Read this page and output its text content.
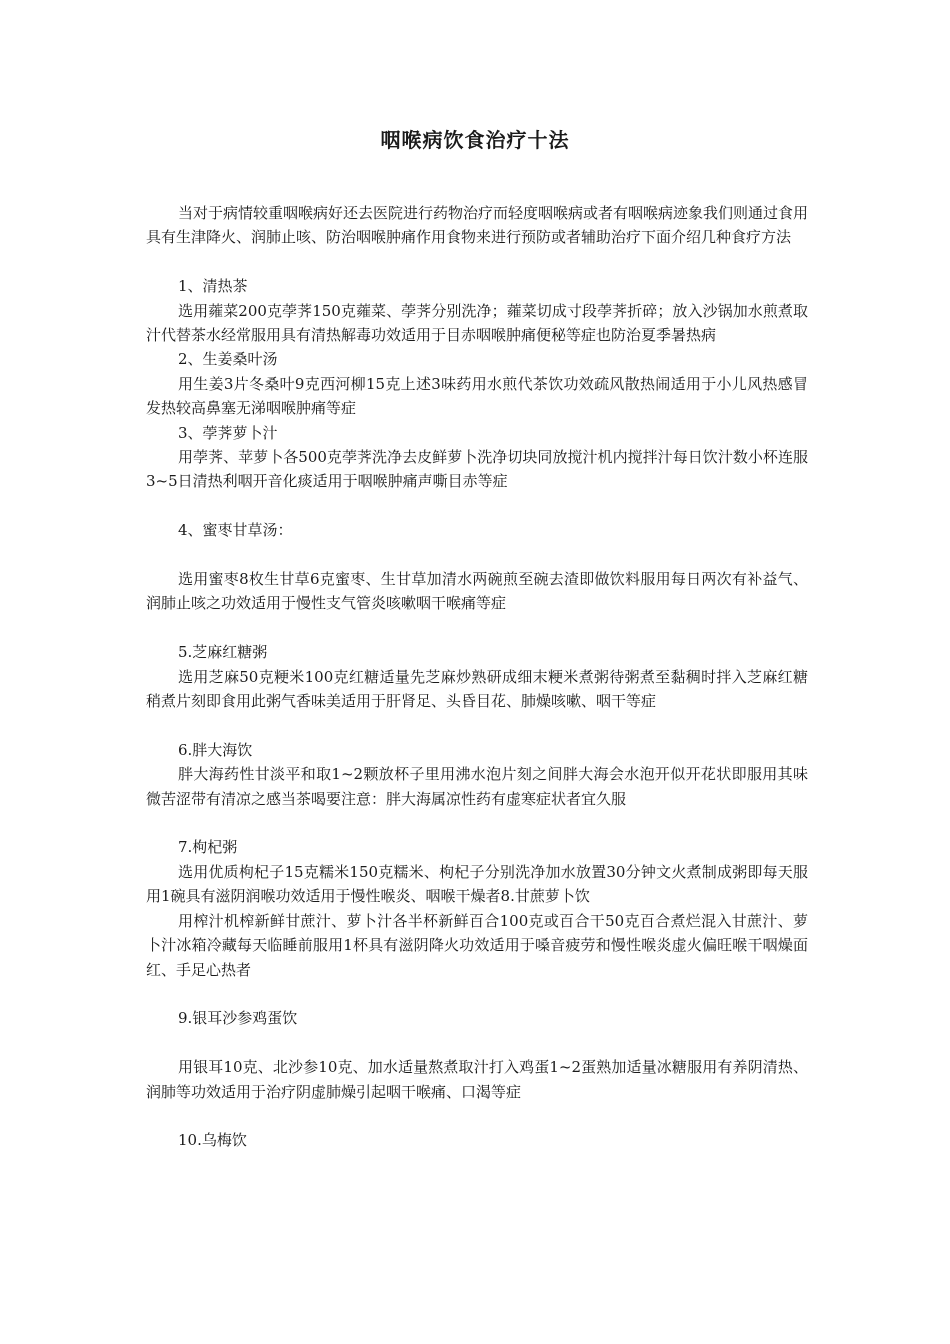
咽喉病饮食治疗十法

当对于病情较重咽喉病好还去医院进行药物治疗而轻度咽喉病或者有咽喉病迹象我们则通过食用具有生津降火、润肺止咳、防治咽喉肿痛作用食物来进行预防或者辅助治疗下面介绍几种食疗方法

1、清热茶

选用蕹菜200克荸荠150克蕹菜、荸荠分别洗净；蕹菜切成寸段荸荠折碎；放入沙锅加水煎煮取汁代替茶水经常服用具有清热解毒功效适用于目赤咽喉肿痛便秘等症也防治夏季暑热病

2、生姜桑叶汤

用生姜3片冬桑叶9克西河柳15克上述3味药用水煎代茶饮功效疏风散热闹适用于小儿风热感冒发热较高鼻塞无涕咽喉肿痛等症

3、荸荠萝卜汁

用荸荠、苹萝卜各500克荸荠洗净去皮鲜萝卜洗净切块同放搅汁机内搅拌汁每日饮汁数小杯连服3~5日清热利咽开音化痰适用于咽喉肿痛声嘶目赤等症

4、蜜枣甘草汤：

选用蜜枣8枚生甘草6克蜜枣、生甘草加清水两碗煎至碗去渣即做饮料服用每日两次有补益气、润肺止咳之功效适用于慢性支气管炎咳嗽咽干喉痛等症

5.芝麻红糖粥

选用芝麻50克粳米100克红糖适量先芝麻炒熟研成细末粳米煮粥待粥煮至黏稠时拌入芝麻红糖稍煮片刻即食用此粥气香味美适用于肝肾足、头昏目花、肺燥咳嗽、咽干等症

6.胖大海饮

胖大海药性甘淡平和取1~2颗放杯子里用沸水泡片刻之间胖大海会水泡开似开花状即服用其味微苦涩带有清凉之感当茶喝要注意：胖大海属凉性药有虚寒症状者宜久服

7.枸杞粥

选用优质枸杞子15克糯米150克糯米、枸杞子分别洗净加水放置30分钟文火煮制成粥即每天服用1碗具有滋阴润喉功效适用于慢性喉炎、咽喉干燥者8.甘蔗萝卜饮

用榨汁机榨新鲜甘蔗汁、萝卜汁各半杯新鲜百合100克或百合干50克百合煮烂混入甘蔗汁、萝卜汁冰箱冷藏每天临睡前服用1杯具有滋阴降火功效适用于嗓音疲劳和慢性喉炎虚火偏旺喉干咽燥面红、手足心热者

9.银耳沙参鸡蛋饮

用银耳10克、北沙参10克、加水适量熬煮取汁打入鸡蛋1~2蛋熟加适量冰糖服用有养阴清热、润肺等功效适用于治疗阴虚肺燥引起咽干喉痛、口渴等症

10.乌梅饮
